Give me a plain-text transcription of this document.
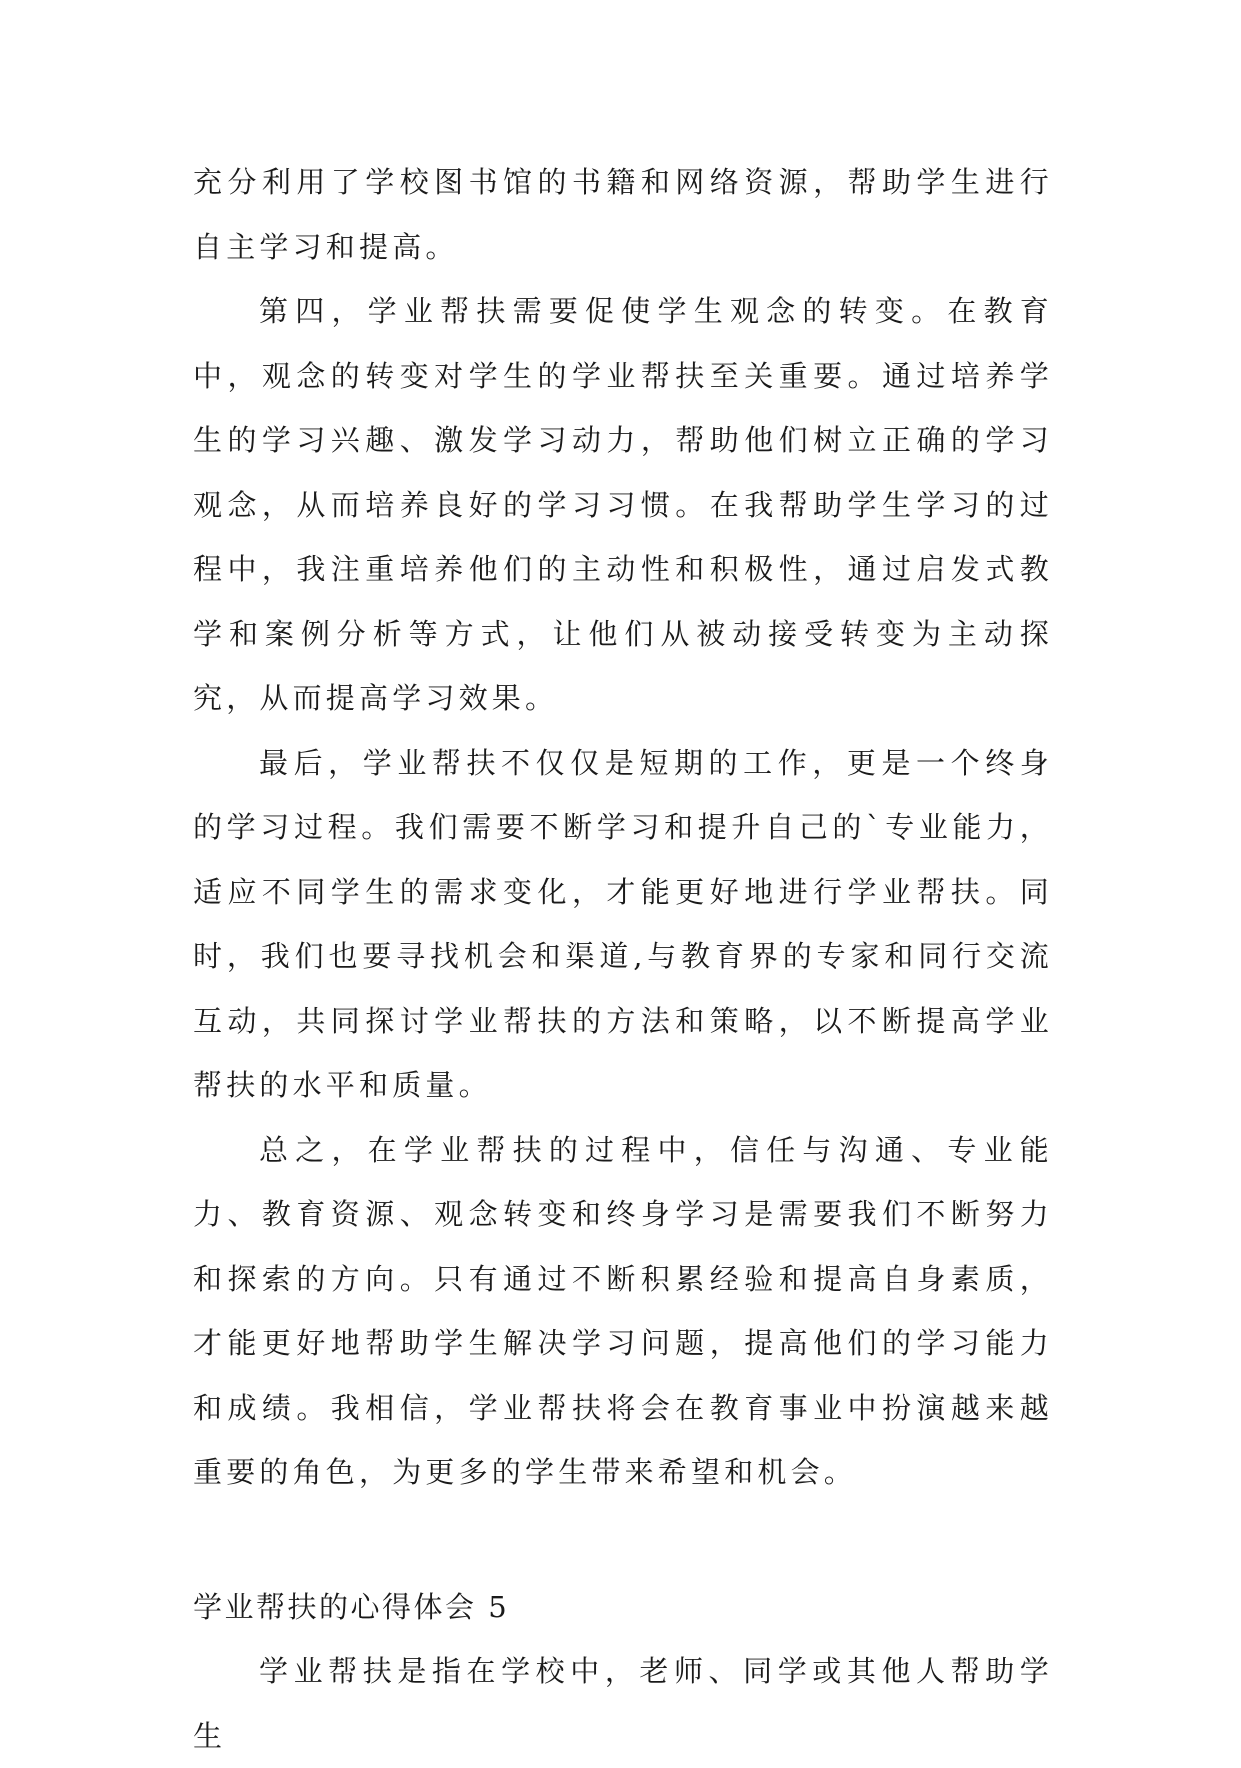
充分利用了学校图书馆的书籍和网络资源，帮助学生进行自主学习和提高。

第四，学业帮扶需要促使学生观念的转变。在教育中，观念的转变对学生的学业帮扶至关重要。通过培养学生的学习兴趣、激发学习动力，帮助他们树立正确的学习观念，从而培养良好的学习习惯。在我帮助学生学习的过程中，我注重培养他们的主动性和积极性，通过启发式教学和案例分析等方式，让他们从被动接受转变为主动探究，从而提高学习效果。

最后，学业帮扶不仅仅是短期的工作，更是一个终身的学习过程。我们需要不断学习和提升自己的`专业能力，适应不同学生的需求变化，才能更好地进行学业帮扶。同时，我们也要寻找机会和渠道,与教育界的专家和同行交流互动，共同探讨学业帮扶的方法和策略，以不断提高学业帮扶的水平和质量。

总之，在学业帮扶的过程中，信任与沟通、专业能力、教育资源、观念转变和终身学习是需要我们不断努力和探索的方向。只有通过不断积累经验和提高自身素质，才能更好地帮助学生解决学习问题，提高他们的学习能力和成绩。我相信，学业帮扶将会在教育事业中扮演越来越重要的角色，为更多的学生带来希望和机会。

学业帮扶的心得体会 5

学业帮扶是指在学校中，老师、同学或其他人帮助学生
